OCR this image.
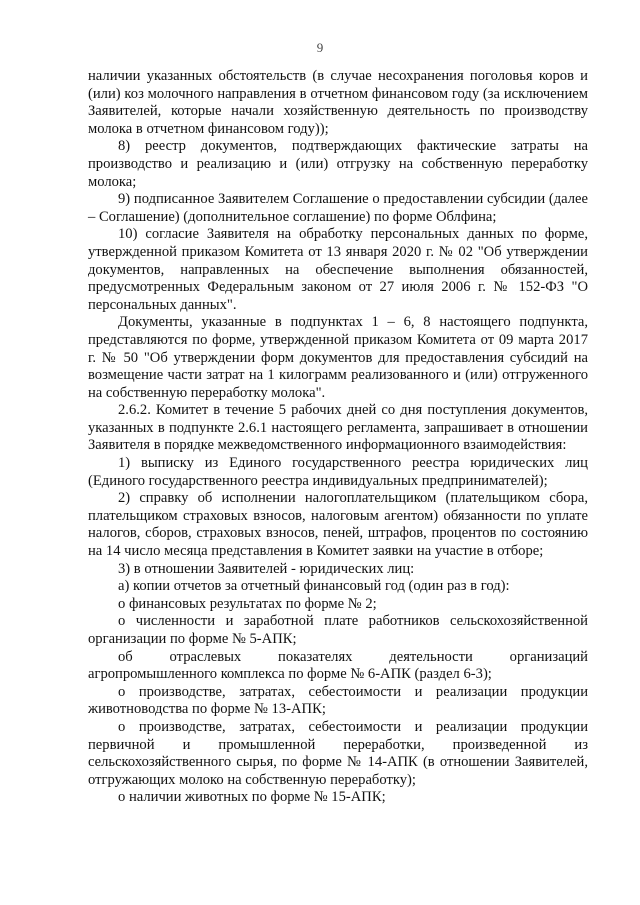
9

наличии указанных обстоятельств (в случае несохранения поголовья коров и (или) коз молочного направления в отчетном финансовом году (за исключением Заявителей, которые начали хозяйственную деятельность по производству молока в отчетном финансовом году));

8) реестр документов, подтверждающих фактические затраты на производство и реализацию и (или) отгрузку на собственную переработку молока;

9) подписанное Заявителем Соглашение о предоставлении субсидии (далее – Соглашение) (дополнительное соглашение) по форме Облфина;

10) согласие Заявителя на обработку персональных данных по форме, утвержденной приказом Комитета от 13 января 2020 г. № 02 "Об утверждении документов, направленных на обеспечение выполнения обязанностей, предусмотренных Федеральным законом от 27 июля 2006 г. № 152-ФЗ "О персональных данных".

Документы, указанные в подпунктах 1 – 6, 8 настоящего подпункта, представляются по форме, утвержденной приказом Комитета от 09 марта 2017 г. № 50 "Об утверждении форм документов для предоставления субсидий на возмещение части затрат на 1 килограмм реализованного и (или) отгруженного на собственную переработку молока".

2.6.2. Комитет в течение 5 рабочих дней со дня поступления документов, указанных в подпункте 2.6.1 настоящего регламента, запрашивает в отношении Заявителя в порядке межведомственного информационного взаимодействия:

1) выписку из Единого государственного реестра юридических лиц (Единого государственного реестра индивидуальных предпринимателей);

2) справку об исполнении налогоплательщиком (плательщиком сбора, плательщиком страховых взносов, налоговым агентом) обязанности по уплате налогов, сборов, страховых взносов, пеней, штрафов, процентов по состоянию на 14 число месяца представления в Комитет заявки на участие в отборе;

3) в отношении Заявителей - юридических лиц:

а) копии отчетов за отчетный финансовый год (один раз в год):

о финансовых результатах по форме № 2;

о численности и заработной плате работников сельскохозяйственной организации по форме № 5-АПК;

об отраслевых показателях деятельности организаций агропромышленного комплекса по форме № 6-АПК (раздел 6-3);

о производстве, затратах, себестоимости и реализации продукции животноводства по форме № 13-АПК;

о производстве, затратах, себестоимости и реализации продукции первичной и промышленной переработки, произведенной из сельскохозяйственного сырья, по форме № 14-АПК (в отношении Заявителей, отгружающих молоко на собственную переработку);

о наличии животных по форме № 15-АПК;
